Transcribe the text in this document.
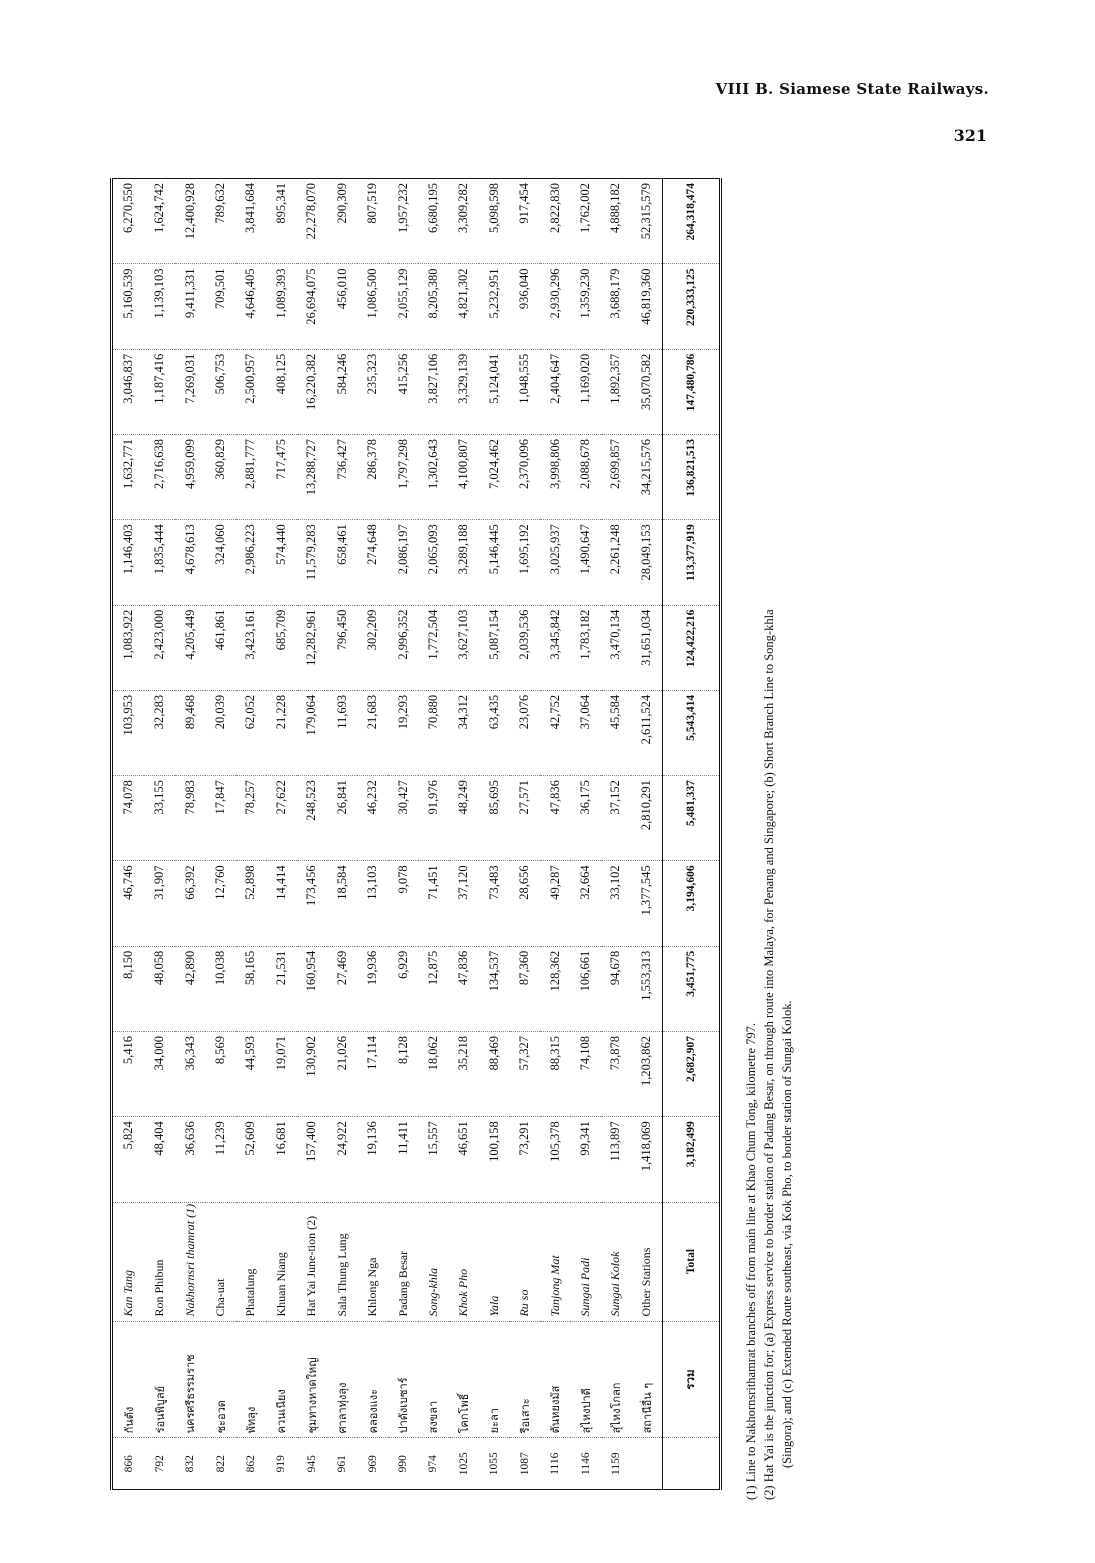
VIII B. Siamese State Railways.
321
866	กันตัง	Kan Tang	5,824	5,416	8,150	46,746	74,078	103,953	1,083,922	1,146,403	1,632,771	3,046,837	5,160,539	6,270,550
792	ร่อนพิบูลย์	Ron Phibun	48,404	34,000	48,058	31,907	33,155	32,283	2,423,000	1,835,444	2,716,638	1,187,416	1,139,103	1,624,742
832	นครศรีธรรมราช	Nakhornsri thamrat (1)	36,636	36,343	42,890	66,392	78,983	89,468	4,205,449	4,678,613	4,959,099	7,269,031	9,411,331	12,400,928
822	ชะอวด	Cha-uat	11,239	8,569	10,038	12,760	17,847	20,039	461,861	324,060	360,829	506,753	709,501	789,632
862	พัทลุง	Phatalung	52,609	44,593	58,165	52,898	78,257	62,052	3,423,161	2,986,223	2,881,777	2,500,957	4,646,405	3,841,684
919	ควนเนียง	Khuan Niang	16,681	19,071	21,531	14,414	27,622	21,228	685,709	574,440	717,475	408,125	1,089,393	895,341
945	ชุมทางหาดใหญ่	Hat Yai June-tion (2)	157,400	130,902	160,954	173,456	248,523	179,064	12,282,961	11,579,283	13,288,727	16,220,382	26,694,075	22,278,070
961	ศาลาทุ่งลุง	Sala Thung Lung	24,922	21,026	27,469	18,584	26,841	11,693	796,450	658,461	736,427	584,246	456,010	290,309
969	คลองแงะ	Khlong Nga	19,136	17,114	19,936	13,103	46,232	21,683	302,209	274,648	286,378	235,323	1,086,500	807,519
990	ปาดังเบซาร์	Padang Besar	11,411	8,128	6,929	9,078	30,427	19,293	2,996,352	2,086,197	1,797,298	415,256	2,055,129	1,957,232
974	สงขลา	Song-khla	15,557	18,062	12,875	71,451	91,976	70,880	1,772,504	2,065,093	1,302,643	3,827,106	8,205,380	6,680,195
1025	โคกโพธิ์	Khok Pho	46,651	35,218	47,836	37,120	48,249	34,312	3,627,103	3,289,188	4,100,807	3,329,139	4,821,302	3,309,282
1055	ยะลา	Yala	100,158	88,469	134,537	73,483	85,695	63,435	5,087,154	5,146,445	7,024,462	5,124,041	5,232,951	5,098,598
1087	รือเสาะ	Ru so	73,291	57,327	87,360	28,656	27,571	23,076	2,039,536	1,695,192	2,370,096	1,048,555	936,040	917,454
1116	ตันหยงมัส	Tanjong Mat	105,378	88,315	128,362	49,287	47,836	42,752	3,345,842	3,025,937	3,998,806	2,404,647	2,930,296	2,822,830
1146	สุไหงปาดี	Sungai Padi	99,341	74,108	106,661	32,664	36,175	37,064	1,783,182	1,490,647	2,088,678	1,169,020	1,359,230	1,762,002
1159	สุไหงโกลก	Sungai Kolok	113,897	73,878	94,678	33,102	37,152	45,584	3,470,134	2,261,248	2,699,857	1,892,357	3,688,179	4,888,182
	สถานีอื่น ๆ	Other Stations	1,418,069	1,203,862	1,553,313	1,377,545	2,810,291	2,611,524	31,651,034	28,049,153	34,215,576	35,070,582	46,819,360	52,315,579
	รวม	Total	3,182,499	2,682,907	3,451,775	3,194,606	5,481,337	5,543,414	124,422,216	113,377,919	136,821,513	147,480,786	220,333,125	264,318,474

(1) Line to Nakhornsrithamrat branches off from main line at Khao Chum Tong, kilometre 797. (2) Hat Yai is the junction for; (a) Express service to border station of Padang Besar, on through route into Malaya, for Penang and Singapore; (b) Short Branch Line to Song-khla (Singora); and (c) Extended Route southeast, via Kok Pho, to border station of Sungai Kolok.
